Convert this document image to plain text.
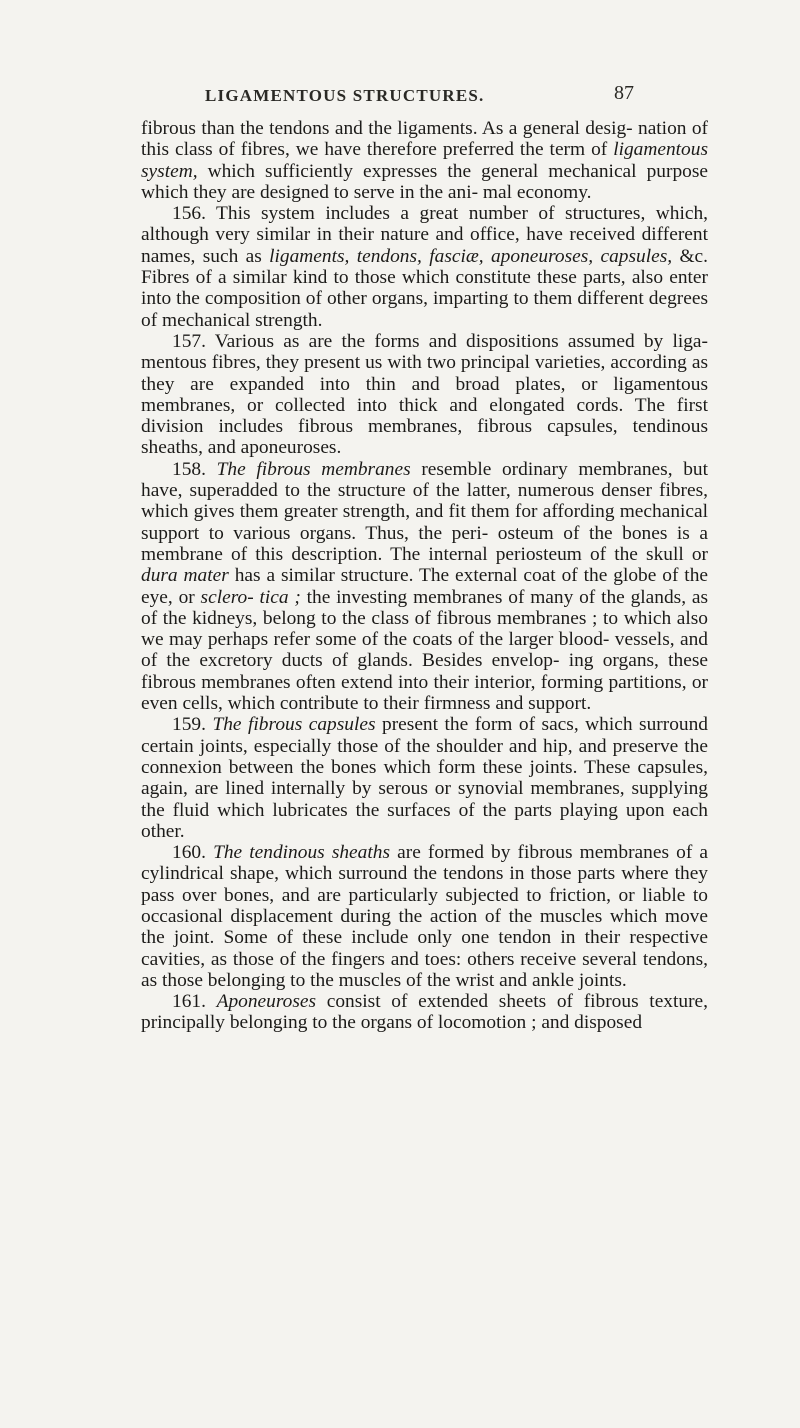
LIGAMENTOUS STRUCTURES.	87

fibrous than the tendons and the ligaments. As a general desig- nation of this class of fibres, we have therefore preferred the term of ligamentous system, which sufficiently expresses the general mechanical purpose which they are designed to serve in the ani- mal economy.

156. This system includes a great number of structures, which, although very similar in their nature and office, have received different names, such as ligaments, tendons, fasciæ, aponeuroses, capsules, &c. Fibres of a similar kind to those which constitute these parts, also enter into the composition of other organs, imparting to them different degrees of mechanical strength.

157. Various as are the forms and dispositions assumed by liga- mentous fibres, they present us with two principal varieties, according as they are expanded into thin and broad plates, or ligamentous membranes, or collected into thick and elongated cords. The first division includes fibrous membranes, fibrous capsules, tendinous sheaths, and aponeuroses.

158. The fibrous membranes resemble ordinary membranes, but have, superadded to the structure of the latter, numerous denser fibres, which gives them greater strength, and fit them for affording mechanical support to various organs. Thus, the peri- osteum of the bones is a membrane of this description. The internal periosteum of the skull or dura mater has a similar structure. The external coat of the globe of the eye, or sclero- tica ; the investing membranes of many of the glands, as of the kidneys, belong to the class of fibrous membranes ; to which also we may perhaps refer some of the coats of the larger blood- vessels, and of the excretory ducts of glands. Besides envelop- ing organs, these fibrous membranes often extend into their interior, forming partitions, or even cells, which contribute to their firmness and support.

159. The fibrous capsules present the form of sacs, which surround certain joints, especially those of the shoulder and hip, and preserve the connexion between the bones which form these joints. These capsules, again, are lined internally by serous or synovial membranes, supplying the fluid which lubricates the surfaces of the parts playing upon each other.

160. The tendinous sheaths are formed by fibrous membranes of a cylindrical shape, which surround the tendons in those parts where they pass over bones, and are particularly subjected to friction, or liable to occasional displacement during the action of the muscles which move the joint. Some of these include only one tendon in their respective cavities, as those of the fingers and toes: others receive several tendons, as those belonging to the muscles of the wrist and ankle joints.

161. Aponeuroses consist of extended sheets of fibrous texture, principally belonging to the organs of locomotion ; and disposed
